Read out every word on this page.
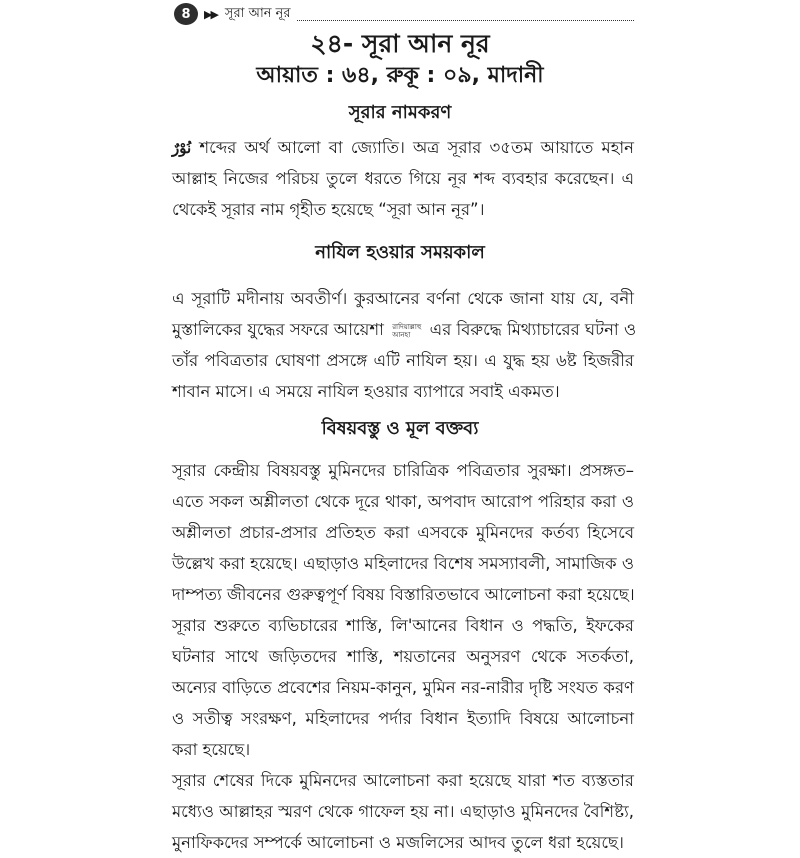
8	▶▶ সূরা আন নূর
২৪- সূরা আন নূর
আয়াত : ৬৪, রুকূ : ০৯, মাদানী
সূরার নামকরণ
نُوْرٌ শব্দের অর্থ আলো বা জ্যোতি। অত্র সূরার ৩৫তম আয়াতে মহান
আল্লাহ নিজের পরিচয় তুলে ধরতে গিয়ে নূর শব্দ ব্যবহার করেছেন। এ
থেকেই সূরার নাম গৃহীত হয়েছে “সূরা আন নূর”।
নাযিল হওয়ার সময়কাল
এ সূরাটি মদীনায় অবতীর্ণ। কুরআনের বর্ণনা থেকে জানা যায় যে, বনী
মুস্তালিকের যুদ্ধের সফরে আয়েশা রাদিয়াল্লাহু
আনহা এর বিরুদ্ধে মিথ্যাচারের ঘটনা ও
তাঁর পবিত্রতার ঘোষণা প্রসঙ্গে এটি নাযিল হয়। এ যুদ্ধ হয় ৬ষ্ট হিজরীর
শাবান মাসে। এ সময়ে নাযিল হওয়ার ব্যাপারে সবাই একমত।
বিষয়বস্তু ও মূল বক্তব্য
সূরার কেন্দ্রীয় বিষয়বস্তু মুমিনদের চারিত্রিক পবিত্রতার সুরক্ষা। প্রসঙ্গত–
এতে সকল অশ্লীলতা থেকে দূরে থাকা, অপবাদ আরোপ পরিহার করা ও
অশ্লীলতা প্রচার-প্রসার প্রতিহত করা এসবকে মুমিনদের কর্তব্য হিসেবে
উল্লেখ করা হয়েছে। এছাড়াও মহিলাদের বিশেষ সমস্যাবলী, সামাজিক ও
দাম্পত্য জীবনের গুরুত্বপূর্ণ বিষয় বিস্তারিতভাবে আলোচনা করা হয়েছে।
সূরার শুরুতে ব্যভিচারের শাস্তি, লি'আনের বিধান ও পদ্ধতি, ইফকের
ঘটনার সাথে জড়িতদের শাস্তি, শয়তানের অনুসরণ থেকে সতর্কতা,
অন্যের বাড়িতে প্রবেশের নিয়ম-কানুন, মুমিন নর-নারীর দৃষ্টি সংযত করণ
ও সতীত্ব সংরক্ষণ, মহিলাদের পর্দার বিধান ইত্যাদি বিষয়ে আলোচনা
করা হয়েছে।
সূরার শেষের দিকে মুমিনদের আলোচনা করা হয়েছে যারা শত ব্যস্ততার
মধ্যেও আল্লাহর স্মরণ থেকে গাফেল হয় না। এছাড়াও মুমিনদের বৈশিষ্ট্য,
মুনাফিকদের সম্পর্কে আলোচনা ও মজলিসের আদব তুলে ধরা হয়েছে।
